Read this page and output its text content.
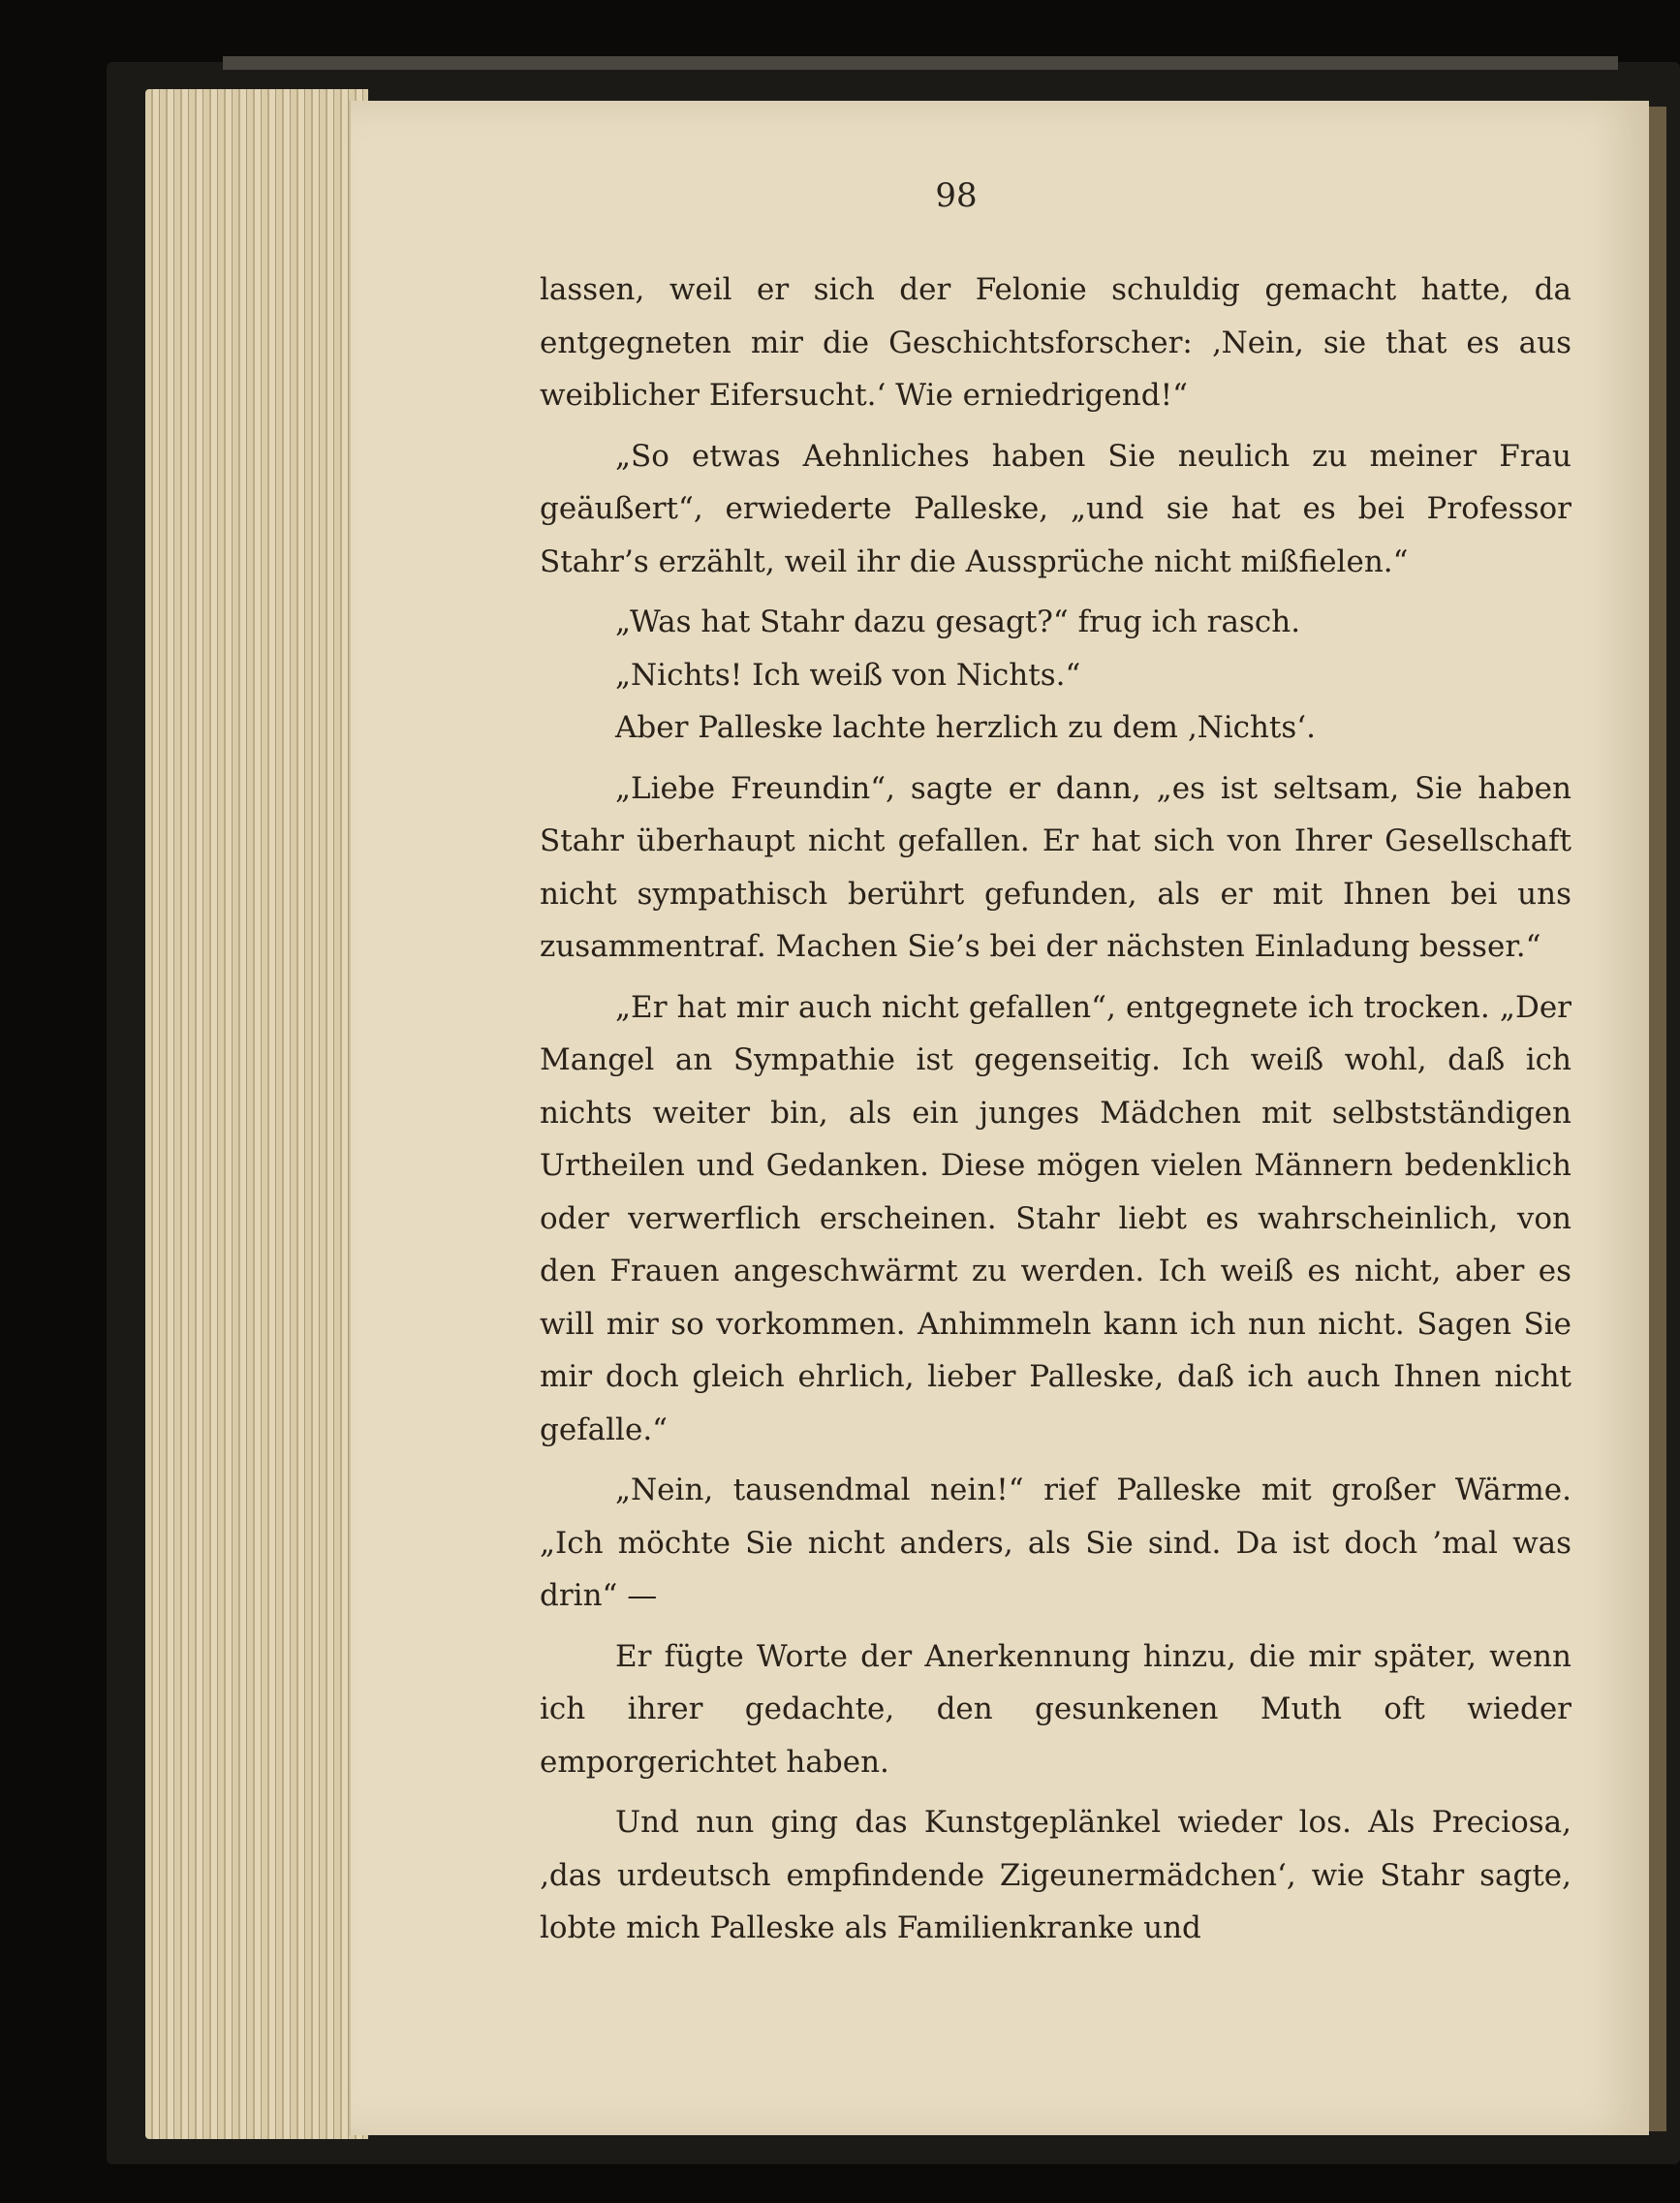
98

lassen, weil er sich der Felonie schuldig gemacht hatte, da entgegneten mir die Geschichtsforscher: ‚Nein, sie that es aus weiblicher Eifersucht.‘ Wie erniedrigend!“

„So etwas Aehnliches haben Sie neulich zu meiner Frau geäußert“, erwiederte Palleske, „und sie hat es bei Professor Stahr’s erzählt, weil ihr die Aussprüche nicht mißfielen.“

„Was hat Stahr dazu gesagt?“ frug ich rasch.

„Nichts! Ich weiß von Nichts.“

Aber Palleske lachte herzlich zu dem ‚Nichts‘.

„Liebe Freundin“, sagte er dann, „es ist seltsam, Sie haben Stahr überhaupt nicht gefallen. Er hat sich von Ihrer Gesellschaft nicht sympathisch berührt gefunden, als er mit Ihnen bei uns zusammentraf. Machen Sie’s bei der nächsten Einladung besser.“

„Er hat mir auch nicht gefallen“, entgegnete ich trocken. „Der Mangel an Sympathie ist gegenseitig. Ich weiß wohl, daß ich nichts weiter bin, als ein junges Mädchen mit selbstständigen Urtheilen und Gedanken. Diese mögen vielen Männern bedenklich oder verwerflich erscheinen. Stahr liebt es wahrscheinlich, von den Frauen angeschwärmt zu werden. Ich weiß es nicht, aber es will mir so vorkommen. Anhimmeln kann ich nun nicht. Sagen Sie mir doch gleich ehrlich, lieber Palleske, daß ich auch Ihnen nicht gefalle.“

„Nein, tausendmal nein!“ rief Palleske mit großer Wärme. „Ich möchte Sie nicht anders, als Sie sind. Da ist doch ’mal was drin“ —

Er fügte Worte der Anerkennung hinzu, die mir später, wenn ich ihrer gedachte, den gesunkenen Muth oft wieder emporgerichtet haben.

Und nun ging das Kunstgeplänkel wieder los. Als Preciosa, ‚das urdeutsch empfindende Zigeunermädchen‘, wie Stahr sagte, lobte mich Palleske als Familienkranke und
